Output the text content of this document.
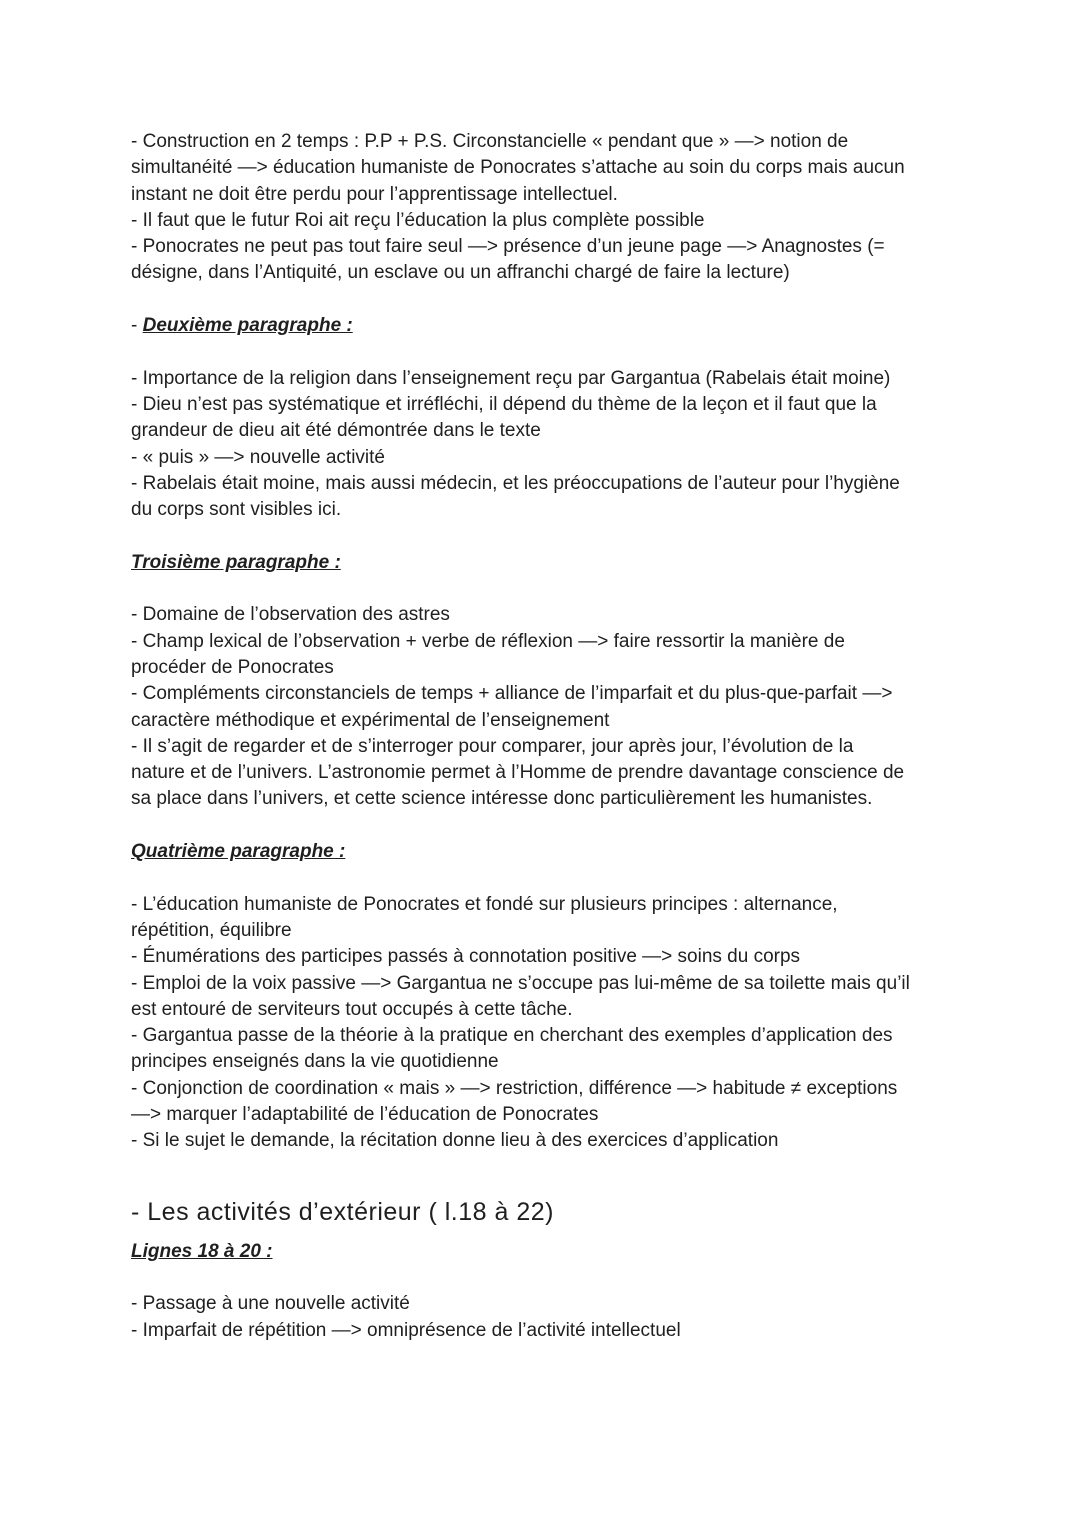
- Construction en 2 temps : P.P + P.S. Circonstancielle « pendant que » —> notion de
simultanéité —> éducation humaniste de Ponocrates s’attache au soin du corps mais aucun
instant ne doit être perdu pour l’apprentissage intellectuel.
- Il faut que le futur Roi ait reçu l’éducation la plus complète possible
- Ponocrates ne peut pas tout faire seul —> présence d’un jeune page —> Anagnostes (=
désigne, dans l’Antiquité, un esclave ou un affranchi chargé de faire la lecture)
- Deuxième paragraphe :
- Importance de la religion dans l’enseignement reçu par Gargantua (Rabelais était moine)
- Dieu n’est pas systématique et irréfléchi, il dépend du thème de la leçon et il faut que la
grandeur de dieu ait été démontrée dans le texte
- « puis » —> nouvelle activité
- Rabelais était moine, mais aussi médecin, et les préoccupations de l’auteur pour l’hygiène
du corps sont visibles ici.
Troisième paragraphe :
- Domaine de l’observation des astres
- Champ lexical de l’observation + verbe de réflexion —> faire ressortir la manière de
procéder de Ponocrates
- Compléments circonstanciels de temps + alliance de l’imparfait et du plus-que-parfait —>
caractère méthodique et expérimental de l’enseignement
- Il s’agit de regarder et de s’interroger pour comparer, jour après jour, l’évolution de la
nature et de l’univers. L’astronomie permet à l’Homme de prendre davantage conscience de
sa place dans l’univers, et cette science intéresse donc particulièrement les humanistes.
Quatrième paragraphe :
- L’éducation humaniste de Ponocrates et fondé sur plusieurs principes : alternance,
répétition, équilibre
- Énumérations des participes passés à connotation positive —> soins du corps
- Emploi de la voix passive —> Gargantua ne s’occupe pas lui-même de sa toilette mais qu’il
est entouré de serviteurs tout occupés à cette tâche.
- Gargantua passe de la théorie à la pratique en cherchant des exemples d’application des
principes enseignés dans la vie quotidienne
- Conjonction de coordination « mais » —> restriction, différence —> habitude ≠ exceptions
—> marquer l’adaptabilité de l’éducation de Ponocrates
- Si le sujet le demande, la récitation donne lieu à des exercices d’application
- Les activités d’extérieur ( l.18 à 22)
Lignes 18 à 20 :
- Passage à une nouvelle activité
- Imparfait de répétition —> omniprésence de l’activité intellectuel
